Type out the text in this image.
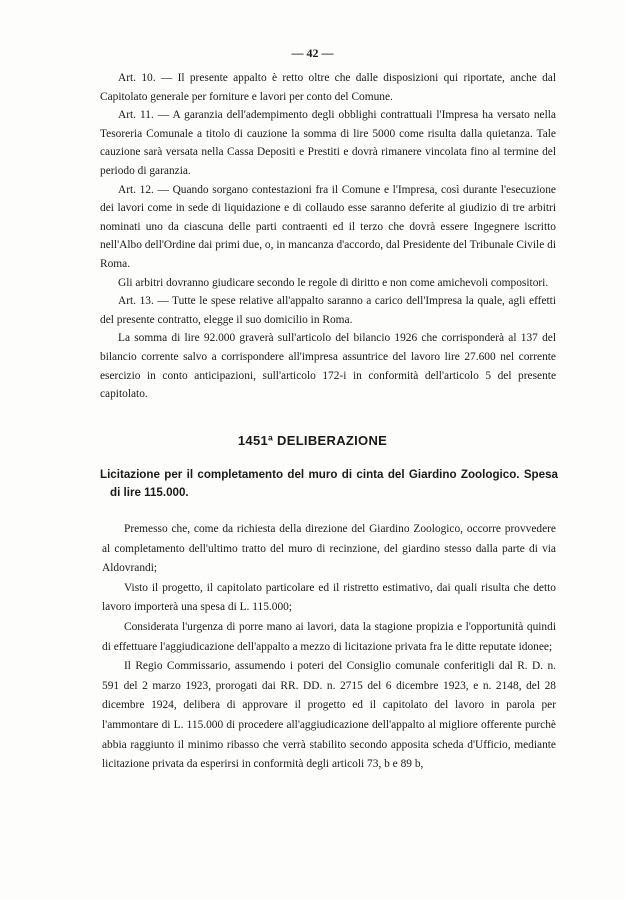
— 42 —

Art. 10. — Il presente appalto è retto oltre che dalle disposizioni qui riportate, anche dal Capitolato generale per forniture e lavori per conto del Comune.

Art. 11. — A garanzia dell'adempimento degli obblighi contrattuali l'Impresa ha versato nella Tesoreria Comunale a titolo di cauzione la somma di lire 5000 come risulta dalla quietanza. Tale cauzione sarà versata nella Cassa Depositi e Prestiti e dovrà rimanere vincolata fino al termine del periodo di garanzia.

Art. 12. — Quando sorgano contestazioni fra il Comune e l'Impresa, così durante l'esecuzione dei lavori come in sede di liquidazione e di collaudo esse saranno deferite al giudizio di tre arbitri nominati uno da ciascuna delle parti contraenti ed il terzo che dovrà essere Ingegnere iscritto nell'Albo dell'Ordine dai primi due, o, in mancanza d'accordo, dal Presidente del Tribunale Civile di Roma.

Gli arbitri dovranno giudicare secondo le regole di diritto e non come amichevoli compositori.

Art. 13. — Tutte le spese relative all'appalto saranno a carico dell'Impresa la quale, agli effetti del presente contratto, elegge il suo domicilio in Roma.

La somma di lire 92.000 graverà sull'articolo del bilancio 1926 che corrisponderà al 137 del bilancio corrente salvo a corrispondere all'impresa assuntrice del lavoro lire 27.600 nel corrente esercizio in conto anticipazioni, sull'articolo 172-i in conformità dell'articolo 5 del presente capitolato.

1451ª DELIBERAZIONE
Licitazione per il completamento del muro di cinta del Giardino Zoologico. Spesa di lire 115.000.

Premesso che, come da richiesta della direzione del Giardino Zoologico, occorre provvedere al completamento dell'ultimo tratto del muro di recinzione, del giardino stesso dalla parte di via Aldovrandi;

Visto il progetto, il capitolato particolare ed il ristretto estimativo, dai quali risulta che detto lavoro importerà una spesa di L. 115.000;

Considerata l'urgenza di porre mano ai lavori, data la stagione propizia e l'opportunità quindi di effettuare l'aggiudicazione dell'appalto a mezzo di licitazione privata fra le ditte reputate idonee;

Il Regio Commissario, assumendo i poteri del Consiglio comunale conferitigli dal R. D. n. 591 del 2 marzo 1923, prorogati dai RR. DD. n. 2715 del 6 dicembre 1923, e n. 2148, del 28 dicembre 1924, delibera di approvare il progetto ed il capitolato del lavoro in parola per l'ammontare di L. 115.000 di procedere all'aggiudicazione dell'appalto al migliore offerente purchè abbia raggiunto il minimo ribasso che verrà stabilito secondo apposita scheda d'Ufficio, mediante licitazione privata da esperirsi in conformità degli articoli 73, b e 89 b,
